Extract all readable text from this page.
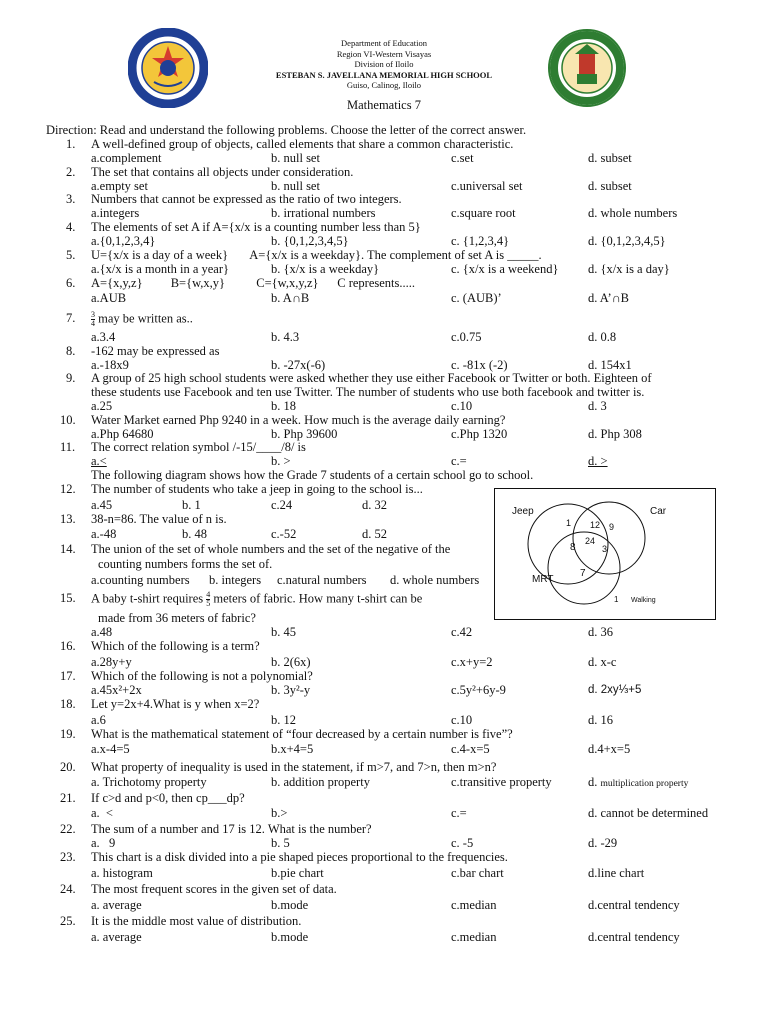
Department of Education
Region VI-Western Visayas
Division of Iloilo
ESTEBAN S. JAVELLANA MEMORIAL HIGH SCHOOL
Guiso, Calinog, Iloilo
Mathematics 7
Direction: Read and understand the following problems. Choose the letter of the correct answer.
1. A well-defined group of objects, called elements that share a common characteristic.
a.complement	b. null set	c.set	d. subset
2. The set that contains all objects under consideration.
a.empty set	b. null set	c.universal set	d. subset
3. Numbers that cannot be expressed as the ratio of two integers.
a.integers	b. irrational numbers	c.square root	d. whole numbers
4. The elements of set A if A={x/x is a counting number less than 5}
a.{0,1,2,3,4}	b. {0,1,2,3,4,5}	c. {1,2,3,4}	d. {0,1,2,3,4,5}
5. U={x/x is a day of a week}       A={x/x is a weekday}. The complement of set A is _____.
a.{x/x is a month in a year}	b. {x/x is a weekday}	c. {x/x is a weekend} d. {x/x is a day}
6. A={x,y,z}         B={w,x,y}          C={w,x,y,z}      C represents.....
a.AUB	b. A∩B	c. (AUB)’	d. A’∩B
7. $\frac{3}{4}$ may be written as..
a.3.4	b. 4.3	c.0.75	d. 0.8
8. -162 may be expressed as
a.-18x9	b. -27x(-6)	c. -81x (-2)	d. 154x1
9. A group of 25 high school students were asked whether they use either Facebook or Twitter or both. Eighteen of
these students use Facebook and ten use Twitter. The number of students who use both facebook and twitter is.
a.25	b. 18	c.10	d. 3
10. Water Market earned Php 9240 in a week. How much is the average daily earning?
a.Php 64680	b. Php 39600	c.Php 1320	d. Php 308
11. The correct relation symbol /-15/____/8/ is
a.<	b. >	c.=	d. >
The following diagram shows how the Grade 7 students of a certain school go to school.
12. The number of students who take a jeep in going to the school is...
a.45	b. 1	c.24	d. 32
13. 38-n=86. The value of n is.
a.-48	b. 48	c.-52	d. 52
14. The union of the set of whole numbers and the set of the negative of the
counting numbers forms the set of.
a.counting numbers b. integers c.natural numbers d. whole numbers
15. A baby t-shirt requires $\frac{4}{5}$ meters of fabric. How many t-shirt can be
made from 36 meters of fabric?
a.48	b. 45	c.42	d. 36
16. Which of the following is a term?
a.28y+y	b. 2(6x)	c.x+y=2	d. x-c
17. Which of the following is not a polynomial?
a.45x²+2x	b. 3y²-y	c.5y²+6y-9	d. 2xy⅓+5
18. Let y=2x+4.What is y when x=2?
a.6	b. 12	c.10	d. 16
19. What is the mathematical statement of “four decreased by a certain number is five”?
a.x-4=5	b.x+4=5	c.4-x=5	d.4+x=5
20. What property of inequality is used in the statement, if m>7, and 7>n, then m>n?
a. Trichotomy property	b. addition property	c.transitive property	d. multiplication property
21. If c>d and p<0, then cp___dp?
a.  <	b.>	c.=	d. cannot be determined
22. The sum of a number and 17 is 12. What is the number?
a.   9	b. 5	c. -5	d. -29
23. This chart is a disk divided into a pie shaped pieces proportional to the frequencies.
a. histogram	b.pie chart	c.bar chart	d.line chart
24. The most frequent scores in the given set of data.
a. average	b.mode	c.median	d.central tendency
25. It is the middle most value of distribution.
a. average	b.mode	c.median	d.central tendency
Jeep	Car
MRT
Walking
1 12 9
8
24
3
7
1
